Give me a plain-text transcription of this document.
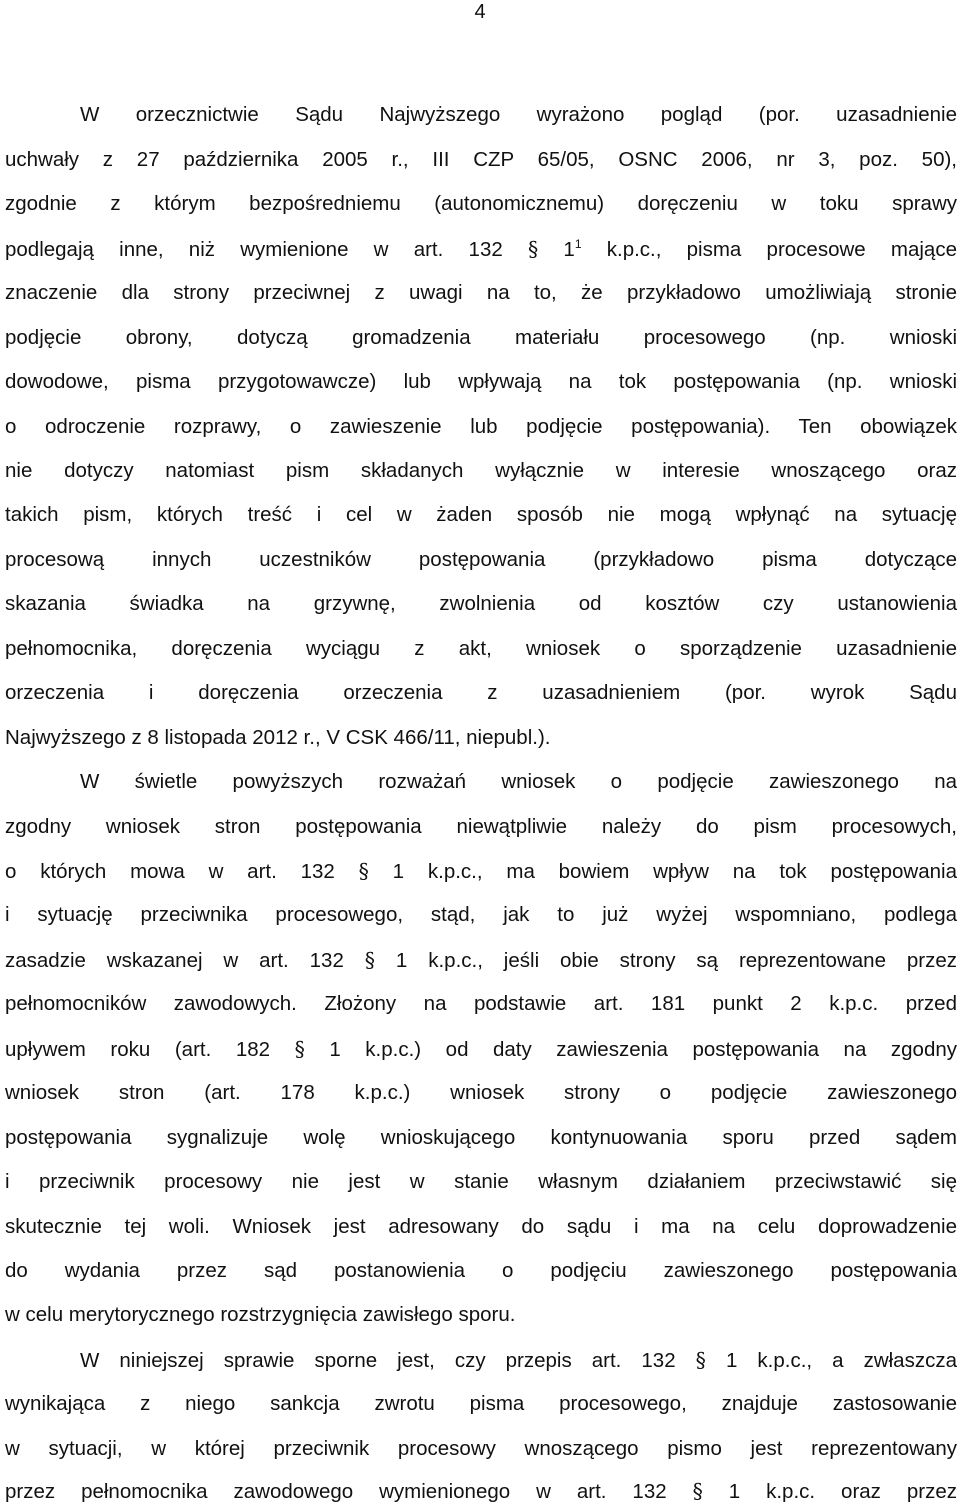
4
W orzecznictwie Sądu Najwyższego wyrażono pogląd (por. uzasadnienie
uchwały z 27 października 2005 r., III CZP 65/05, OSNC 2006, nr 3, poz. 50),
zgodnie z którym bezpośredniemu (autonomicznemu) doręczeniu w toku sprawy
podlegają inne, niż wymienione w art. 132 § $1^1$ k.p.c., pisma procesowe mające
znaczenie dla strony przeciwnej z uwagi na to, że przykładowo umożliwiają stronie
podjęcie obrony, dotyczą gromadzenia materiału procesowego (np. wnioski
dowodowe, pisma przygotowawcze) lub wpływają na tok postępowania (np. wnioski
o odroczenie rozprawy, o zawieszenie lub podjęcie postępowania). Ten obowiązek
nie dotyczy natomiast pism składanych wyłącznie w interesie wnoszącego oraz
takich pism, których treść i cel w żaden sposób nie mogą wpłynąć na sytuację
procesową innych uczestników postępowania (przykładowo pisma dotyczące
skazania świadka na grzywnę, zwolnienia od kosztów czy ustanowienia
pełnomocnika, doręczenia wyciągu z akt, wniosek o sporządzenie uzasadnienie
orzeczenia i doręczenia orzeczenia z uzasadnieniem (por. wyrok Sądu
Najwyższego z 8 listopada 2012 r., V CSK 466/11, niepubl.).
W świetle powyższych rozważań wniosek o podjęcie zawieszonego na
zgodny wniosek stron postępowania niewątpliwie należy do pism procesowych,
o których mowa w art. 132 § 1 k.p.c., ma bowiem wpływ na tok postępowania
i sytuację przeciwnika procesowego, stąd, jak to już wyżej wspomniano, podlega
zasadzie wskazanej w art. 132 § 1 k.p.c., jeśli obie strony są reprezentowane przez
pełnomocników zawodowych. Złożony na podstawie art. 181 punkt 2 k.p.c. przed
upływem roku (art. 182 § 1 k.p.c.) od daty zawieszenia postępowania na zgodny
wniosek stron (art. 178 k.p.c.) wniosek strony o podjęcie zawieszonego
postępowania sygnalizuje wolę wnioskującego kontynuowania sporu przed sądem
i przeciwnik procesowy nie jest w stanie własnym działaniem przeciwstawić się
skutecznie tej woli. Wniosek jest adresowany do sądu i ma na celu doprowadzenie
do wydania przez sąd postanowienia o podjęciu zawieszonego postępowania
w celu merytorycznego rozstrzygnięcia zawisłego sporu.
W niniejszej sprawie sporne jest, czy przepis art. 132 § 1 k.p.c., a zwłaszcza
wynikająca z niego sankcja zwrotu pisma procesowego, znajduje zastosowanie
w sytuacji, w której przeciwnik procesowy wnoszącego pismo jest reprezentowany
przez pełnomocnika zawodowego wymienionego w art. 132 § 1 k.p.c. oraz przez
